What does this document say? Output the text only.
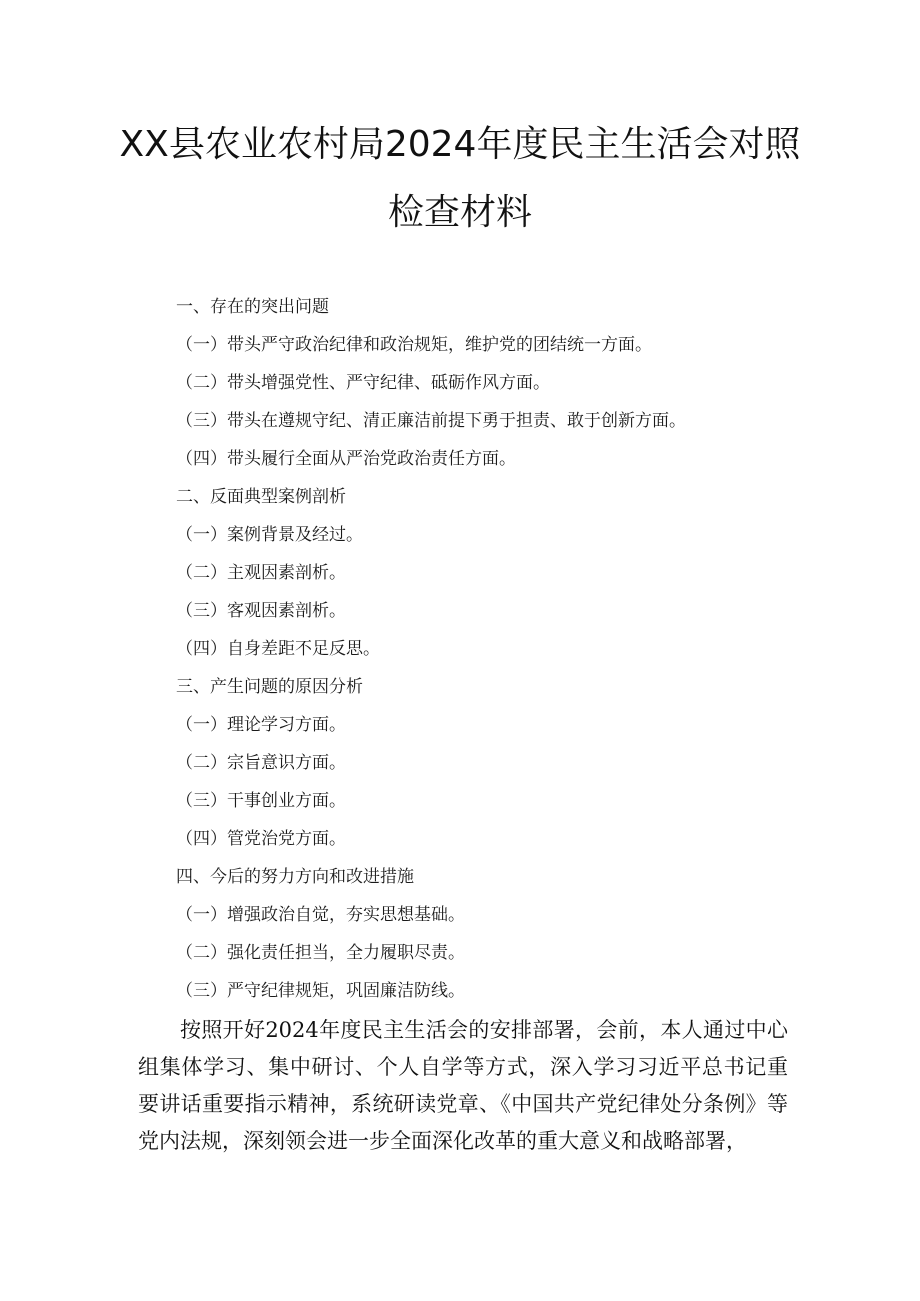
XX县农业农村局2024年度民主生活会对照
检查材料
一、存在的突出问题
（一）带头严守政治纪律和政治规矩，维护党的团结统一方面。
（二）带头增强党性、严守纪律、砥砺作风方面。
（三）带头在遵规守纪、清正廉洁前提下勇于担责、敢于创新方面。
（四）带头履行全面从严治党政治责任方面。
二、反面典型案例剖析
（一）案例背景及经过。
（二）主观因素剖析。
（三）客观因素剖析。
（四）自身差距不足反思。
三、产生问题的原因分析
（一）理论学习方面。
（二）宗旨意识方面。
（三）干事创业方面。
（四）管党治党方面。
四、今后的努力方向和改进措施
（一）增强政治自觉，夯实思想基础。
（二）强化责任担当，全力履职尽责。
（三）严守纪律规矩，巩固廉洁防线。

按照开好2024年度民主生活会的安排部署，会前，本人通过中心组集体学习、集中研讨、个人自学等方式，深入学习习近平总书记重要讲话重要指示精神，系统研读党章、《中国共产党纪律处分条例》等党内法规，深刻领会进一步全面深化改革的重大意义和战略部署，
